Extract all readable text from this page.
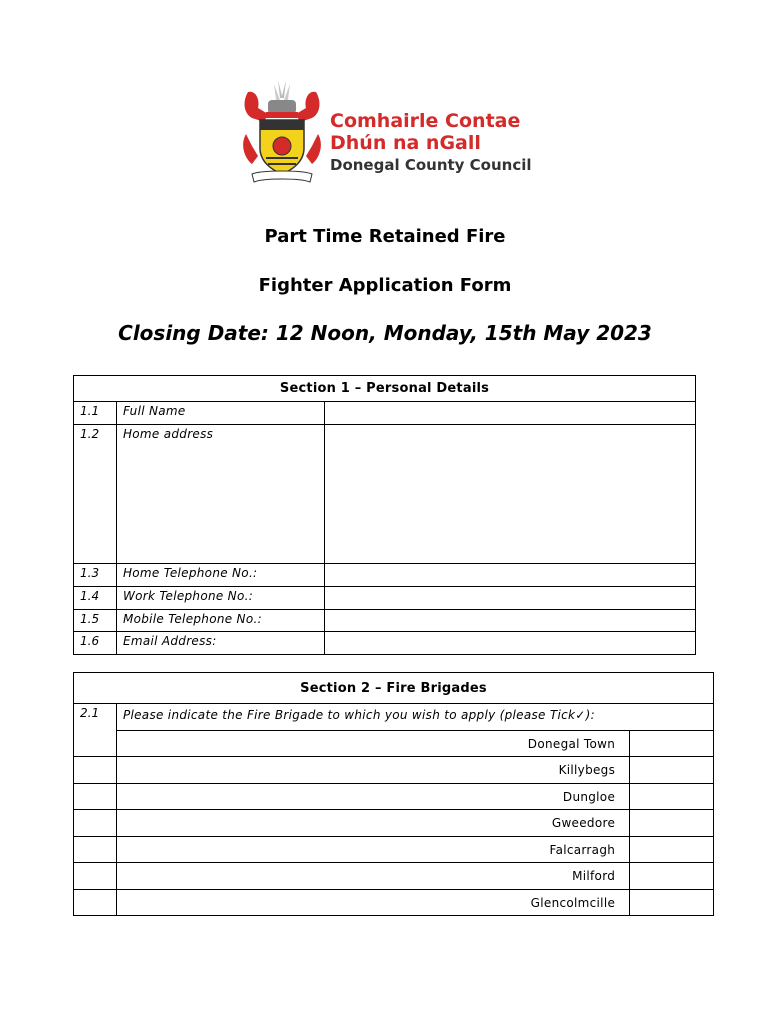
Comhairle Contae
Dhún na nGall
Donegal County Council
Part Time Retained Fire
Fighter Application Form
Closing Date: 12 Noon, Monday, 15th May 2023
Section 1 – Personal Details		
1.1	Full Name	
1.2	Home address	
1.3	Home Telephone No.:	
1.4	Work Telephone No.:	
1.5	Mobile Telephone No.:	
1.6	Email Address:	
Section 2 – Fire Brigades		
2.1	Please indicate the Fire Brigade to which you wish to apply (please Tick✓):	
	Donegal Town	
	Killybegs	
	Dungloe	
	Gweedore	
	Falcarragh	
	Milford	
	Glencolmcille	
